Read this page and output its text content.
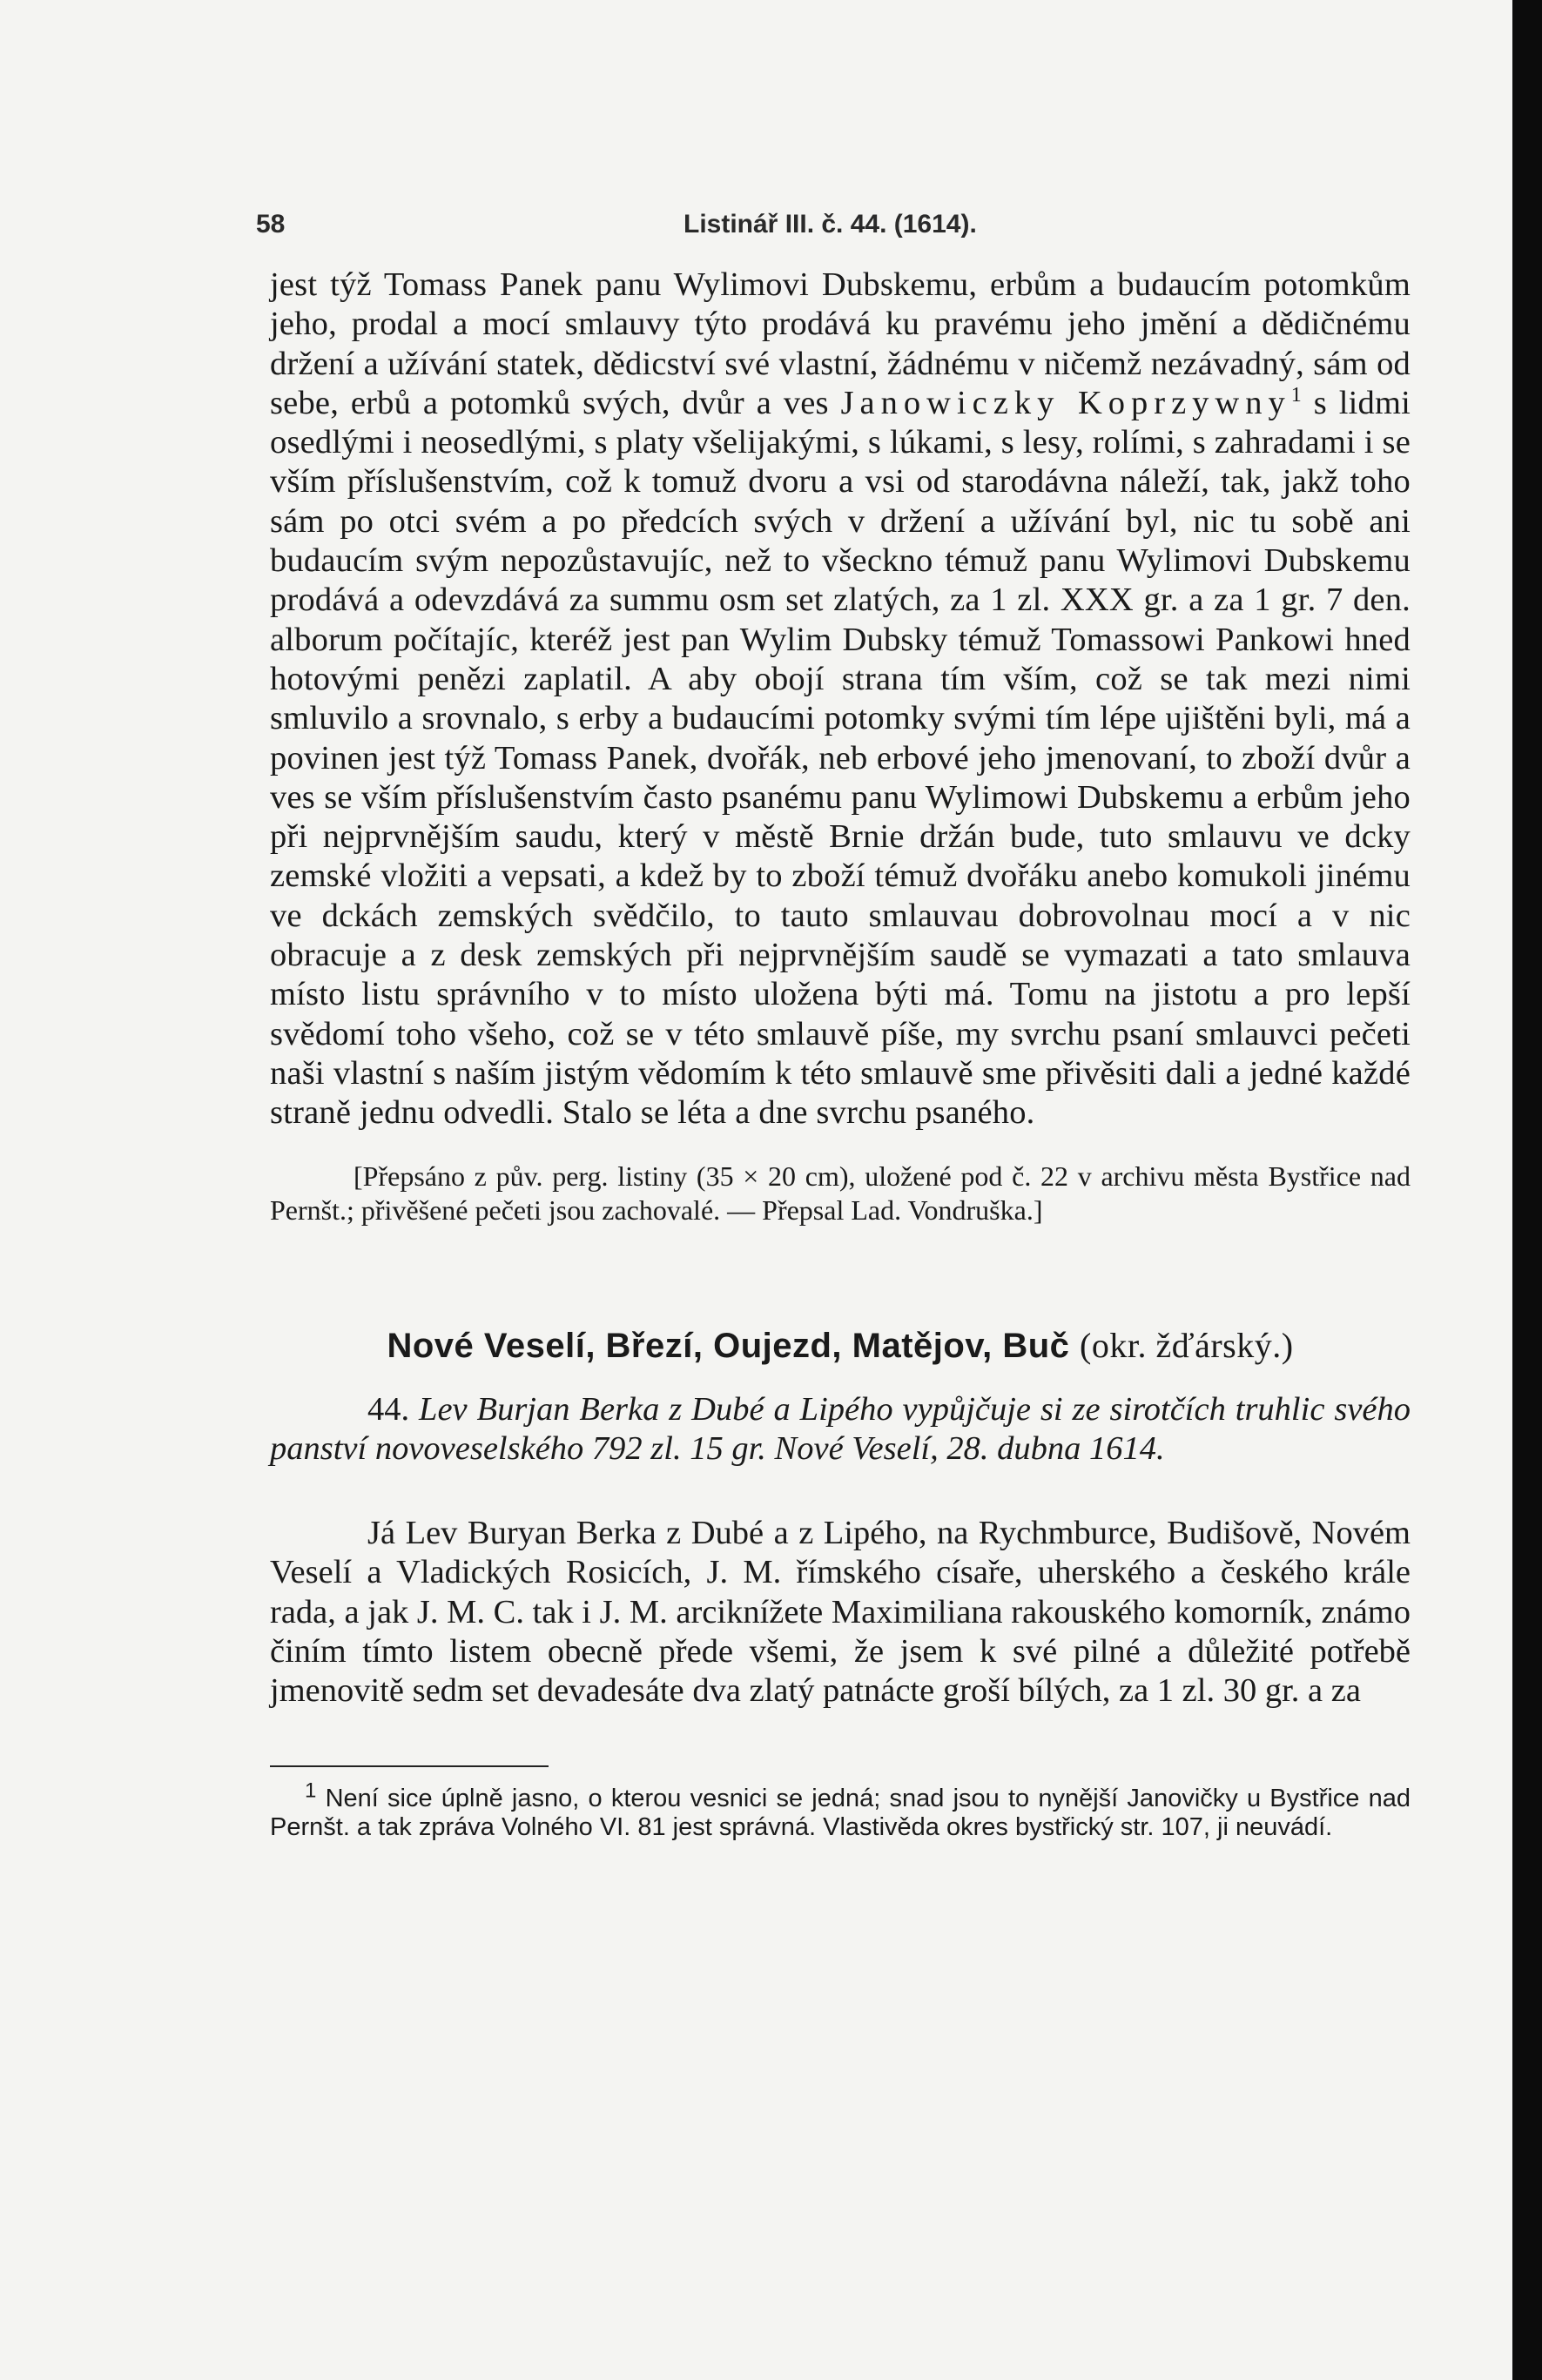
58	Listinář III. č. 44. (1614).

jest týž Tomass Panek panu Wylimovi Dubskemu, erbům a budaucím potomkům jeho, prodal a mocí smlauvy týto prodává ku pravému jeho jmění a dědičnému držení a užívání statek, dědicství své vlastní, žádnému v ničemž nezávadný, sám od sebe, erbů a potomků svých, dvůr a ves Janowiczky Koprzywny$^1$ s lidmi osedlými i neosedlými, s platy všelijakými, s lúkami, s lesy, rolími, s zahradami i se vším příslušenstvím, což k tomuž dvoru a vsi od starodávna náleží, tak, jakž toho sám po otci svém a po předcích svých v držení a užívání byl, nic tu sobě ani budaucím svým nepozůstavujíc, než to všeckno témuž panu Wylimovi Dubskemu prodává a odevzdává za summu osm set zlatých, za 1 zl. XXX gr. a za 1 gr. 7 den. alborum počítajíc, kteréž jest pan Wylim Dubsky témuž Tomassowi Pankowi hned hotovými penězi zaplatil. A aby obojí strana tím vším, což se tak mezi nimi smluvilo a srovnalo, s erby a budaucími potomky svými tím lépe ujištěni byli, má a povinen jest týž Tomass Panek, dvořák, neb erbové jeho jmenovaní, to zboží dvůr a ves se vším příslušenstvím často psanému panu Wylimowi Dubskemu a erbům jeho při nejprvnějším saudu, který v městě Brnie držán bude, tuto smlauvu ve dcky zemské vložiti a vepsati, a kdež by to zboží témuž dvořáku anebo komukoli jinému ve dckách zemských svědčilo, to tauto smlauvau dobrovolnau mocí a v nic obracuje a z desk zemských při nejprvnějším saudě se vymazati a tato smlauva místo listu správního v to místo uložena býti má. Tomu na jistotu a pro lepší svědomí toho všeho, což se v této smlauvě píše, my svrchu psaní smlauvci pečeti naši vlastní s naším jistým vědomím k této smlauvě sme přivěsiti dali a jedné každé straně jednu odvedli. Stalo se léta a dne svrchu psaného.

[Přepsáno z pův. perg. listiny (35 × 20 cm), uložené pod č. 22 v archivu města Bystřice nad Pernšt.; přivěšené pečeti jsou zachovalé. — Přepsal Lad. Vondruška.]

Nové Veselí, Březí, Oujezd, Matějov, Buč (okr. žďárský.)

44. Lev Burjan Berka z Dubé a Lipého vypůjčuje si ze sirotčích truhlic svého panství novoveselského 792 zl. 15 gr. Nové Veselí, 28. dubna 1614.

Já Lev Buryan Berka z Dubé a z Lipého, na Rychmburce, Budišově, Novém Veselí a Vladických Rosicích, J. M. římského císaře, uherského a českého krále rada, a jak J. M. C. tak i J. M. arciknížete Maximiliana rakouského komorník, známo činím tímto listem obecně přede všemi, že jsem k své pilné a důležité potřebě jmenovitě sedm set devadesáte dva zlatý patnácte groší bílých, za 1 zl. 30 gr. a za

$^1$ Není sice úplně jasno, o kterou vesnici se jedná; snad jsou to nynější Janovičky u Bystřice nad Pernšt. a tak zpráva Volného VI. 81 jest správná. Vlastivěda okres bystřický str. 107, ji neuvádí.
